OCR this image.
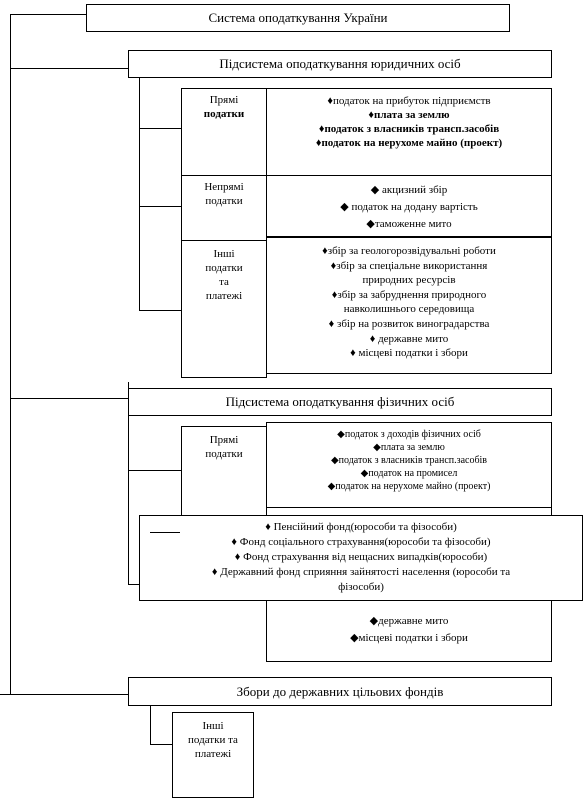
Система оподаткування України
Підсистема оподаткування юридичних осіб
Прямі
податки
♦податок на прибуток підприємств
♦плата за землю
♦податок з власників трансп.засобів
♦податок на нерухоме майно (проект)
Непрямі
податки
◆ акцизний збір
◆ податок на додану вартість
◆таможенне мито
Інші
податки
та
платежі
♦збір за геологорозвідувальні роботи
♦збір за спеціальне використання
природних ресурсів
♦збір за забруднення природного
навколишнього середовища
♦ збір на розвиток виноградарства
♦ державне мито
♦ місцеві податки і збори
Підсистема оподаткування фізичних осіб
Прямі
податки
◆податок з доходів фізичних осіб
◆плата за землю
◆податок з власників трансп.засобів
◆податок на промисел
◆податок на нерухоме майно (проект)
◆державне мито
◆місцеві податки і збори
♦ Пенсійний фонд(юрособи та фізособи)
♦ Фонд соціального страхування(юрособи та фізособи)
♦ Фонд страхування від нещасних випадків(юрособи)
♦ Державний фонд сприяння зайнятості населення (юрособи та
фізособи)
Збори до державних цільових фондів
Інші
податки та
платежі
